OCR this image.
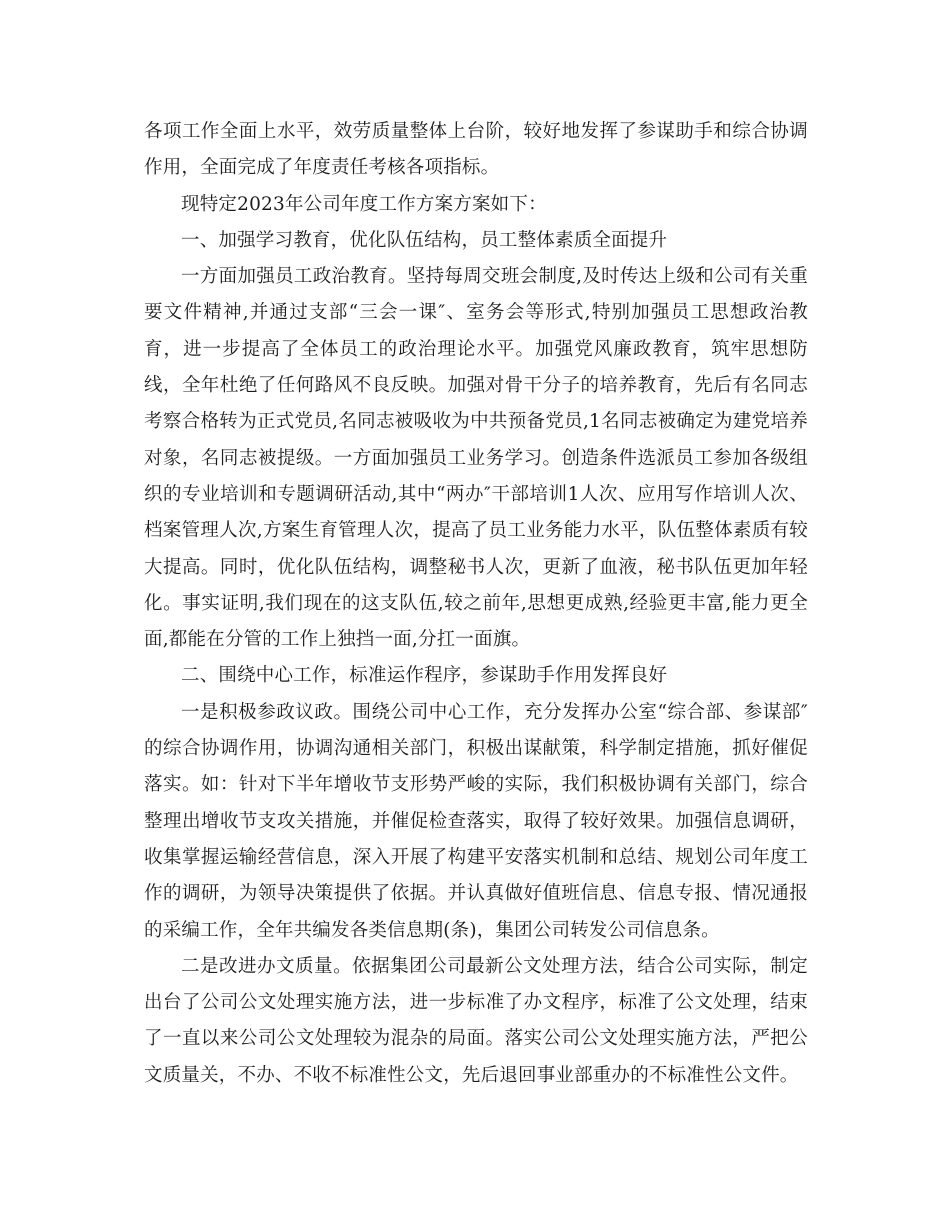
各项工作全面上水平，效劳质量整体上台阶，较好地发挥了参谋助手和综合协调作用，全面完成了年度责任考核各项指标。

现特定2023年公司年度工作方案方案如下：

一、加强学习教育，优化队伍结构，员工整体素质全面提升

一方面加强员工政治教育。坚持每周交班会制度,及时传达上级和公司有关重要文件精神,并通过支部“三会一课″、室务会等形式,特别加强员工思想政治教育，进一步提高了全体员工的政治理论水平。加强党风廉政教育，筑牢思想防线，全年杜绝了任何路风不良反映。加强对骨干分子的培养教育，先后有名同志考察合格转为正式党员,名同志被吸收为中共预备党员,1名同志被确定为建党培养对象，名同志被提级。一方面加强员工业务学习。创造条件选派员工参加各级组织的专业培训和专题调研活动,其中“两办″干部培训1人次、应用写作培训人次、档案管理人次,方案生育管理人次，提高了员工业务能力水平，队伍整体素质有较大提高。同时，优化队伍结构，调整秘书人次，更新了血液，秘书队伍更加年轻化。事实证明,我们现在的这支队伍,较之前年,思想更成熟,经验更丰富,能力更全面,都能在分管的工作上独挡一面,分扛一面旗。

二、围绕中心工作，标准运作程序，参谋助手作用发挥良好

一是积极参政议政。围绕公司中心工作，充分发挥办公室“综合部、参谋部″的综合协调作用，协调沟通相关部门，积极出谋献策，科学制定措施，抓好催促落实。如：针对下半年增收节支形势严峻的实际，我们积极协调有关部门，综合整理出增收节支攻关措施，并催促检查落实，取得了较好效果。加强信息调研，收集掌握运输经营信息，深入开展了构建平安落实机制和总结、规划公司年度工作的调研，为领导决策提供了依据。并认真做好值班信息、信息专报、情况通报的采编工作，全年共编发各类信息期(条)，集团公司转发公司信息条。

二是改进办文质量。依据集团公司最新公文处理方法，结合公司实际，制定出台了公司公文处理实施方法，进一步标准了办文程序，标准了公文处理，结束了一直以来公司公文处理较为混杂的局面。落实公司公文处理实施方法，严把公文质量关，不办、不收不标准性公文，先后退回事业部重办的不标准性公文件。
